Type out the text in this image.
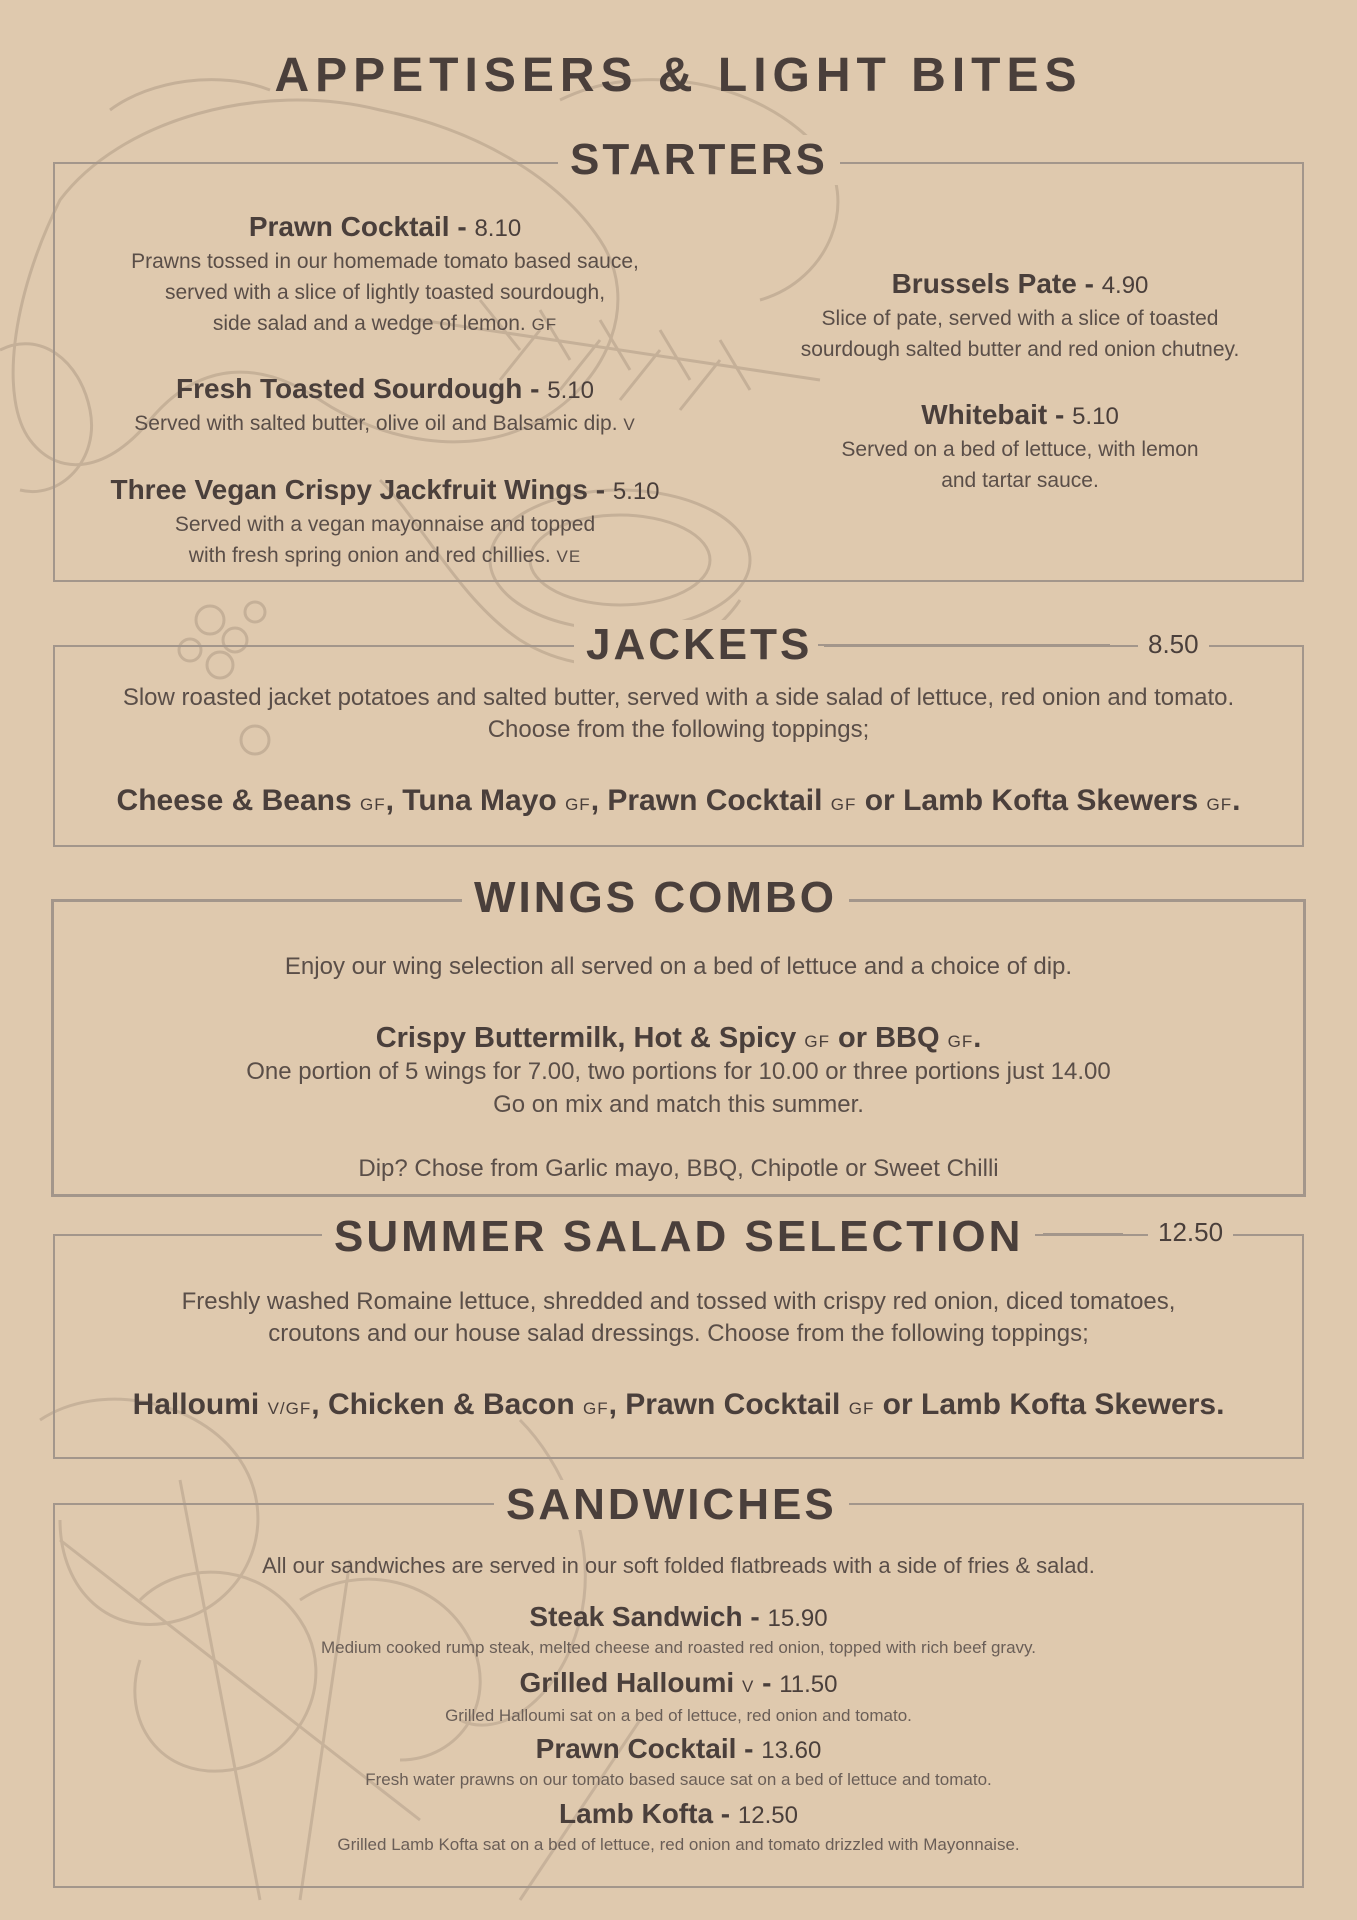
APPETISERS & LIGHT BITES
STARTERS
Prawn Cocktail - 8.10
Prawns tossed in our homemade tomato based sauce,
served with a slice of lightly toasted sourdough,
side salad and a wedge of lemon. GF
Fresh Toasted Sourdough - 5.10
Served with salted butter, olive oil and Balsamic dip. V
Three Vegan Crispy Jackfruit Wings - 5.10
Served with a vegan mayonnaise and topped
with fresh spring onion and red chillies. VE
Brussels Pate - 4.90
Slice of pate, served with a slice of toasted
sourdough salted butter and red onion chutney.
Whitebait - 5.10
Served on a bed of lettuce, with lemon
and tartar sauce.
JACKETS	8.50
Slow roasted jacket potatoes and salted butter, served with a side salad of lettuce, red onion and tomato.
Choose from the following toppings;
Cheese & Beans GF, Tuna Mayo GF, Prawn Cocktail GF or Lamb Kofta Skewers GF.
WINGS COMBO
Enjoy our wing selection all served on a bed of lettuce and a choice of dip.
Crispy Buttermilk, Hot & Spicy GF or BBQ GF.
One portion of 5 wings for 7.00, two portions for 10.00 or three portions just 14.00
Go on mix and match this summer.
Dip? Chose from Garlic mayo, BBQ, Chipotle or Sweet Chilli
SUMMER SALAD SELECTION	12.50
Freshly washed Romaine lettuce, shredded and tossed with crispy red onion, diced tomatoes,
croutons and our house salad dressings. Choose from the following toppings;
Halloumi V/GF, Chicken & Bacon GF, Prawn Cocktail GF or Lamb Kofta Skewers.
SANDWICHES
All our sandwiches are served in our soft folded flatbreads with a side of fries & salad.
Steak Sandwich - 15.90
Medium cooked rump steak, melted cheese and roasted red onion, topped with rich beef gravy.
Grilled Halloumi V - 11.50
Grilled Halloumi sat on a bed of lettuce, red onion and tomato.
Prawn Cocktail - 13.60
Fresh water prawns on our tomato based sauce sat on a bed of lettuce and tomato.
Lamb Kofta - 12.50
Grilled Lamb Kofta sat on a bed of lettuce, red onion and tomato drizzled with Mayonnaise.
